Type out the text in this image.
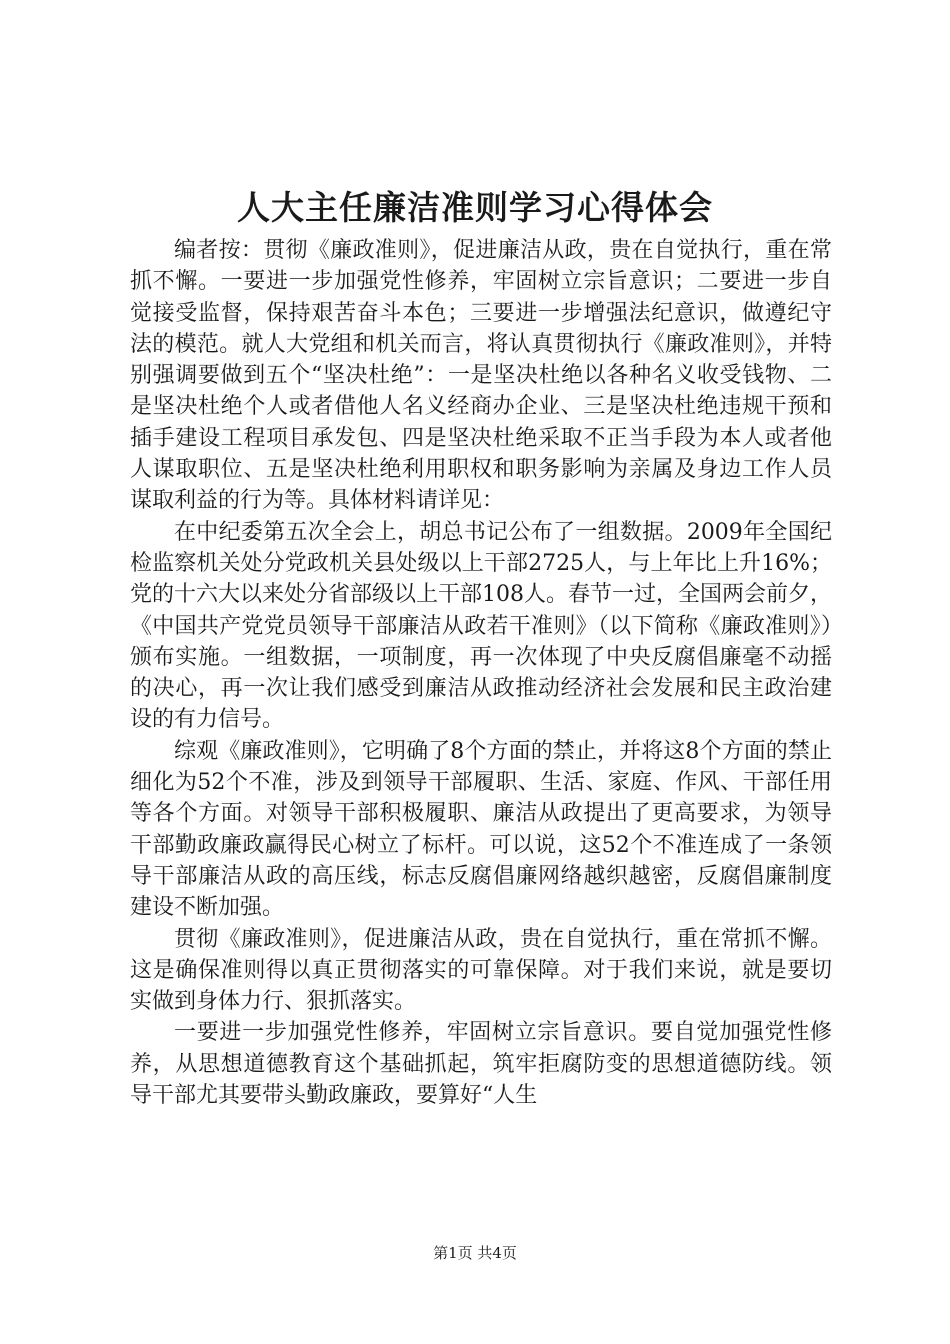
人大主任廉洁准则学习心得体会

编者按：贯彻《廉政准则》，促进廉洁从政，贵在自觉执行，重在常抓不懈。一要进一步加强党性修养，牢固树立宗旨意识；二要进一步自觉接受监督，保持艰苦奋斗本色；三要进一步增强法纪意识，做遵纪守法的模范。就人大党组和机关而言，将认真贯彻执行《廉政准则》，并特别强调要做到五个“坚决杜绝”：一是坚决杜绝以各种名义收受钱物、二是坚决杜绝个人或者借他人名义经商办企业、三是坚决杜绝违规干预和插手建设工程项目承发包、四是坚决杜绝采取不正当手段为本人或者他人谋取职位、五是坚决杜绝利用职权和职务影响为亲属及身边工作人员谋取利益的行为等。具体材料请详见：

在中纪委第五次全会上，胡总书记公布了一组数据。2009年全国纪检监察机关处分党政机关县处级以上干部2725人，与上年比上升16%；党的十六大以来处分省部级以上干部108人。春节一过，全国两会前夕，《中国共产党党员领导干部廉洁从政若干准则》（以下简称《廉政准则》）颁布实施。一组数据，一项制度，再一次体现了中央反腐倡廉毫不动摇的决心，再一次让我们感受到廉洁从政推动经济社会发展和民主政治建设的有力信号。

综观《廉政准则》，它明确了8个方面的禁止，并将这8个方面的禁止细化为52个不准，涉及到领导干部履职、生活、家庭、作风、干部任用等各个方面。对领导干部积极履职、廉洁从政提出了更高要求，为领导干部勤政廉政赢得民心树立了标杆。可以说，这52个不准连成了一条领导干部廉洁从政的高压线，标志反腐倡廉网络越织越密，反腐倡廉制度建设不断加强。

贯彻《廉政准则》，促进廉洁从政，贵在自觉执行，重在常抓不懈。这是确保准则得以真正贯彻落实的可靠保障。对于我们来说，就是要切实做到身体力行、狠抓落实。

一要进一步加强党性修养，牢固树立宗旨意识。要自觉加强党性修养，从思想道德教育这个基础抓起，筑牢拒腐防变的思想道德防线。领导干部尤其要带头勤政廉政，要算好“人生

第1页 共4页
